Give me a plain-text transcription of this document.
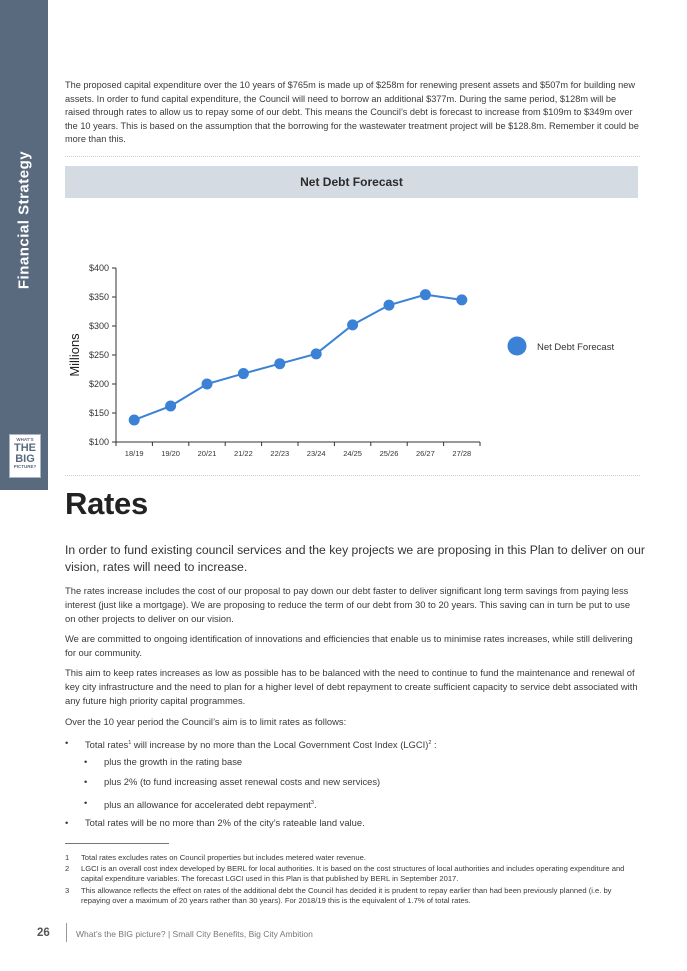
Financial Strategy
WHAT'S
THE
BIG
PICTURE?

The proposed capital expenditure over the 10 years of $765m is made up of $258m for renewing present assets and $507m for building new assets. In order to fund capital expenditure, the Council will need to borrow an additional $377m. During the same period, $128m will be raised through rates to allow us to repay some of our debt. This means the Council’s debt is forecast to increase from $109m to $349m over the 10 years. This is based on the assumption that the borrowing for the wastewater treatment project will be $128.8m. Remember it could be more than this.

Net Debt Forecast
$100
$150
$200
$250
$300
$350
$400
18/19 19/20 20/21 21/22 22/23 23/24 24/25 25/26 26/27 27/28
Millions	Net Debt Forecast
Rates

In order to fund existing council services and the key projects we are proposing in this Plan to deliver on our vision, rates will need to increase.

The rates increase includes the cost of our proposal to pay down our debt faster to deliver significant long term savings from paying less interest (just like a mortgage). We are proposing to reduce the term of our debt from 30 to 20 years. This saving can in turn be put to use on other projects to deliver on our vision.

We are committed to ongoing identification of innovations and efficiencies that enable us to minimise rates increases, while still delivering for our community.

This aim to keep rates increases as low as possible has to be balanced with the need to continue to fund the maintenance and renewal of key city infrastructure and the need to plan for a higher level of debt repayment to create sufficient capacity to service debt associated with any future high priority capital programmes.

Over the 10 year period the Council’s aim is to limit rates as follows:

• Total rates$^1$ will increase by no more than the Local Government Cost Index (LGCI)$^2$ :

• plus the growth in the rating base

• plus 2% (to fund increasing asset renewal costs and new services)

• plus an allowance for accelerated debt repayment$^3$.

• Total rates will be no more than 2% of the city’s rateable land value.

1 Total rates excludes rates on Council properties but includes metered water revenue.

2 LGCI is an overall cost index developed by BERL for local authorities. It is based on the cost structures of local authorities and includes operating expenditure and capital expenditure variables. The forecast LGCI used in this Plan is that published by BERL in September 2017.

3 This allowance reflects the effect on rates of the additional debt the Council has decided it is prudent to repay earlier than had been previously planned (i.e. by repaying over a maximum of 20 years rather than 30 years). For 2018/19 this is the equivalent of 1.7% of total rates.

26	What’s the BIG picture? | Small City Benefits, Big City Ambition
